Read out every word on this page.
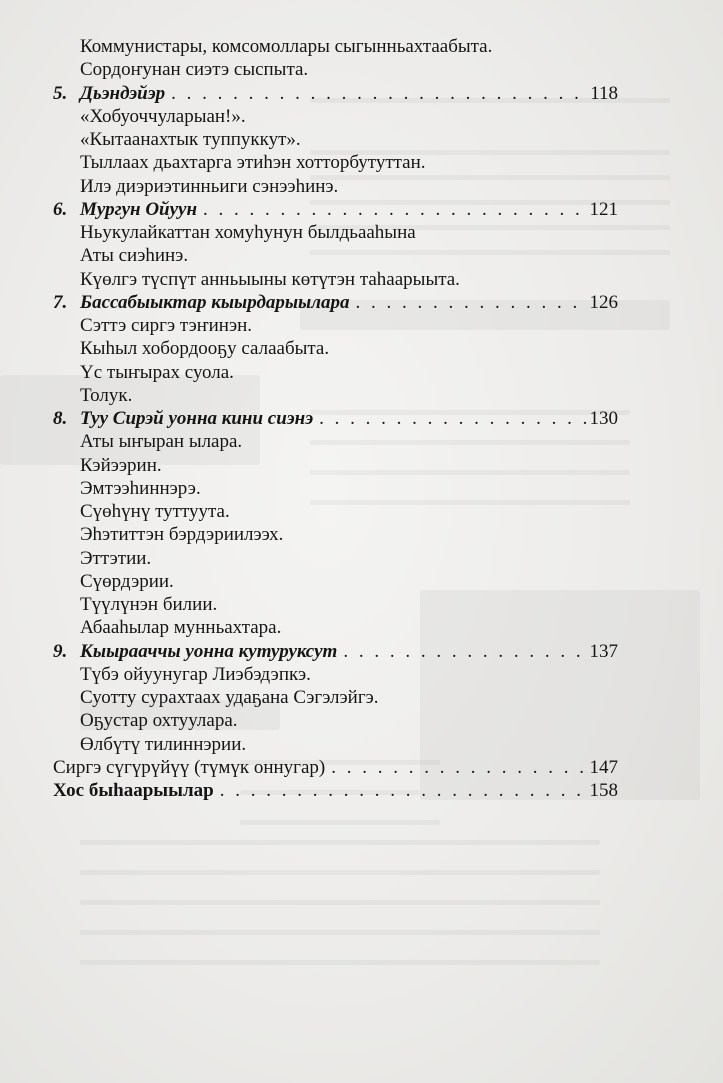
Коммунистары, комсомоллары сыгынньахтаабыта.
Сордоҥунан сиэтэ сыспыта.
5. Дьэндэйэр . . .	118
«Хобуоччуларыан!».
«Кытаанахтык туппуккут».
Тыллаах дьахтарга этиһэн хотторбутуттан.
Илэ диэриэтинньиги сэнээһинэ.
6. Мургун Ойуун . . .	121
Ньукулайкаттан хомуһунун былдьааһына
Аты сиэһинэ.
Күөлгэ түспүт анньыыны көтүтэн таһаарыыта.
7. Бассабыыктар кыырдарыылара . . .	126
Сэттэ сиргэ тэҥинэн.
Кыһыл хобордооҕу салаабыта.
Үс тыҥырах суола.
Толук.
8. Туу Сирэй уонна кини сиэнэ . . .	130
Аты ыҥыран ылара.
Кэйээрин.
Эмтээһиннэрэ.
Сүөһүнү туттуута.
Эһэтиттэн бэрдэриилээх.
Эттэтии.
Сүөрдэрии.
Түүлүнэн билии.
Абааһылар мунньахтара.
9. Кыырааччы уонна кутуруксут . . .	137
Түбэ ойуунугар Лиэбэдэпкэ.
Суотту сурахтаах удаҕана Сэгэлэйгэ.
Оҕустар охтуулара.
Өлбүтү тилиннэрии.
Сиргэ сүгүрүйүү (түмүк оннугар) . . .	147
Хос быһаарыылар . . .	158
